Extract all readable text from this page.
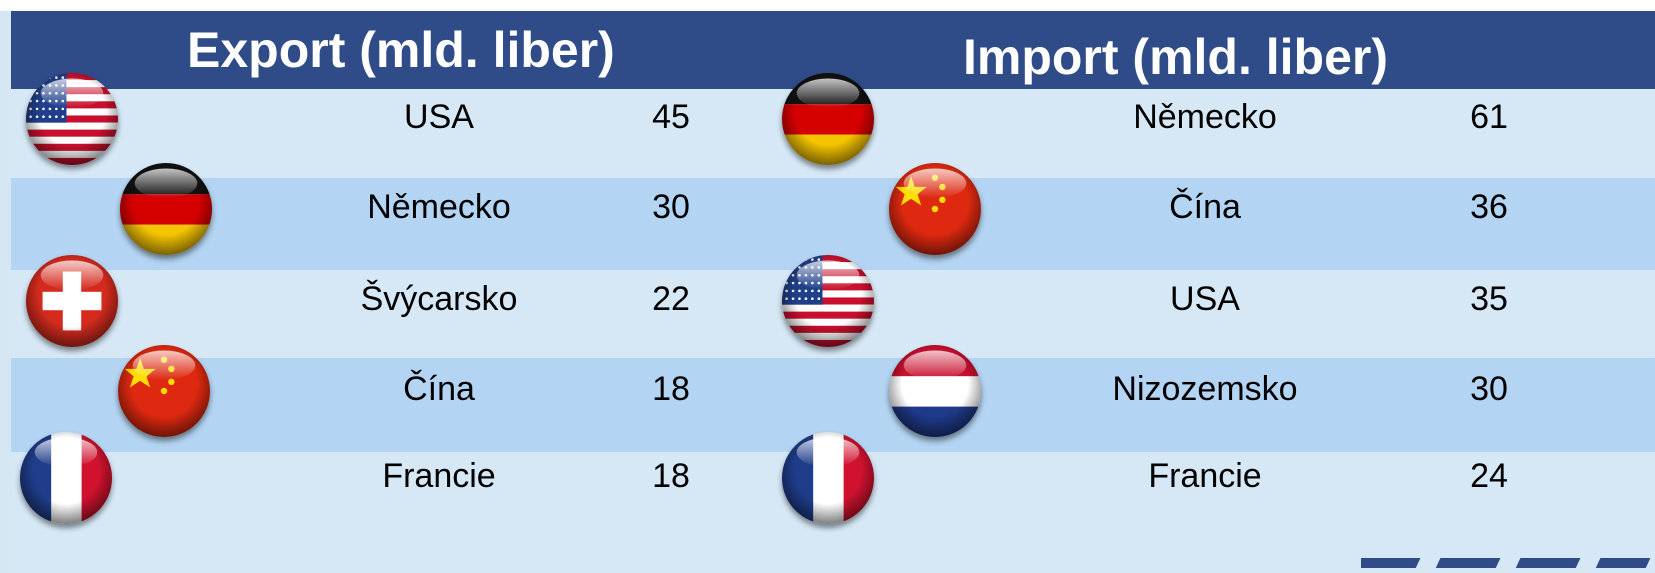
Export (mld. liber)	Import (mld. liber)
USA	45
Německo	30
Švýcarsko	22
Čína	18
Francie	18
Německo	61
Čína	36
USA	35
Nizozemsko	30
Francie	24
